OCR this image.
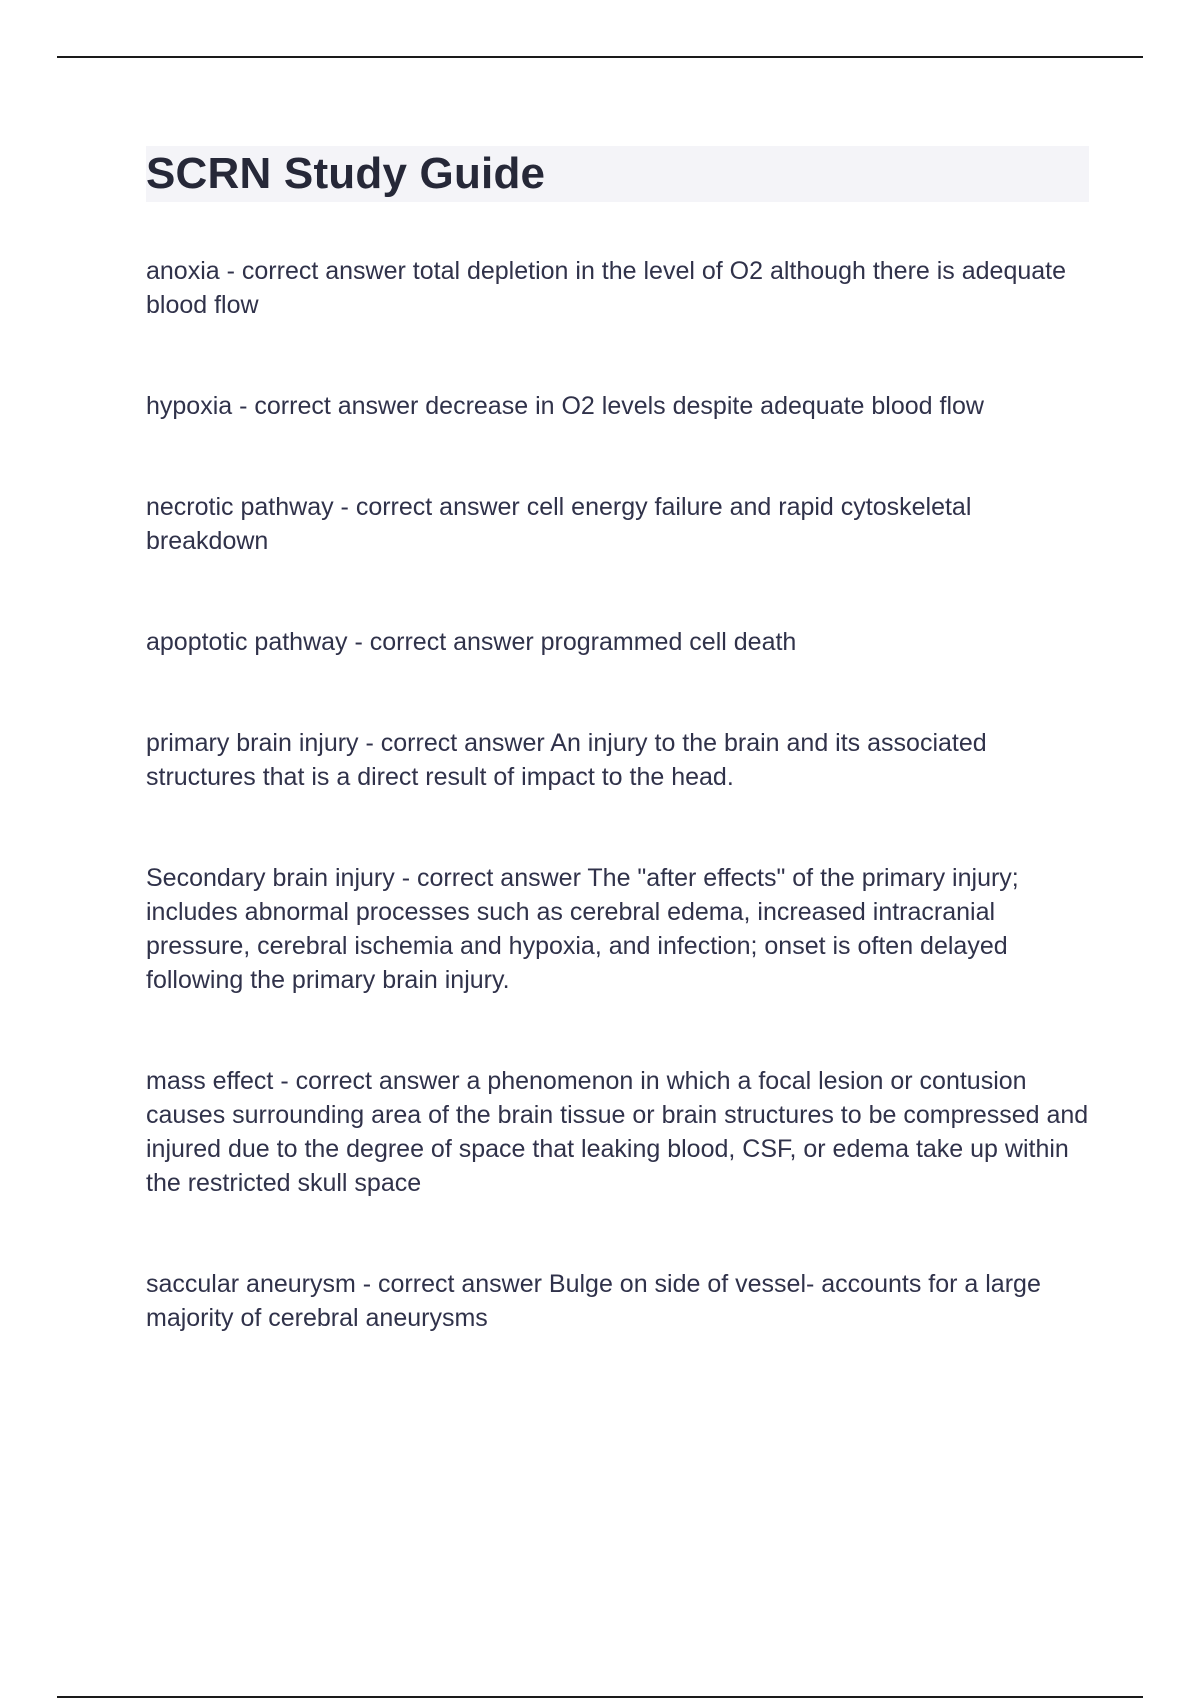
SCRN Study Guide

anoxia - correct answer total depletion in the level of O2 although there is adequate blood flow

hypoxia - correct answer decrease in O2 levels despite adequate blood flow

necrotic pathway - correct answer cell energy failure and rapid cytoskeletal breakdown

apoptotic pathway - correct answer programmed cell death

primary brain injury - correct answer An injury to the brain and its associated structures that is a direct result of impact to the head.

Secondary brain injury - correct answer The "after effects" of the primary injury; includes abnormal processes such as cerebral edema, increased intracranial pressure, cerebral ischemia and hypoxia, and infection; onset is often delayed following the primary brain injury.

mass effect - correct answer a phenomenon in which a focal lesion or contusion causes surrounding area of the brain tissue or brain structures to be compressed and injured due to the degree of space that leaking blood, CSF, or edema take up within the restricted skull space

saccular aneurysm - correct answer Bulge on side of vessel- accounts for a large majority of cerebral aneurysms
